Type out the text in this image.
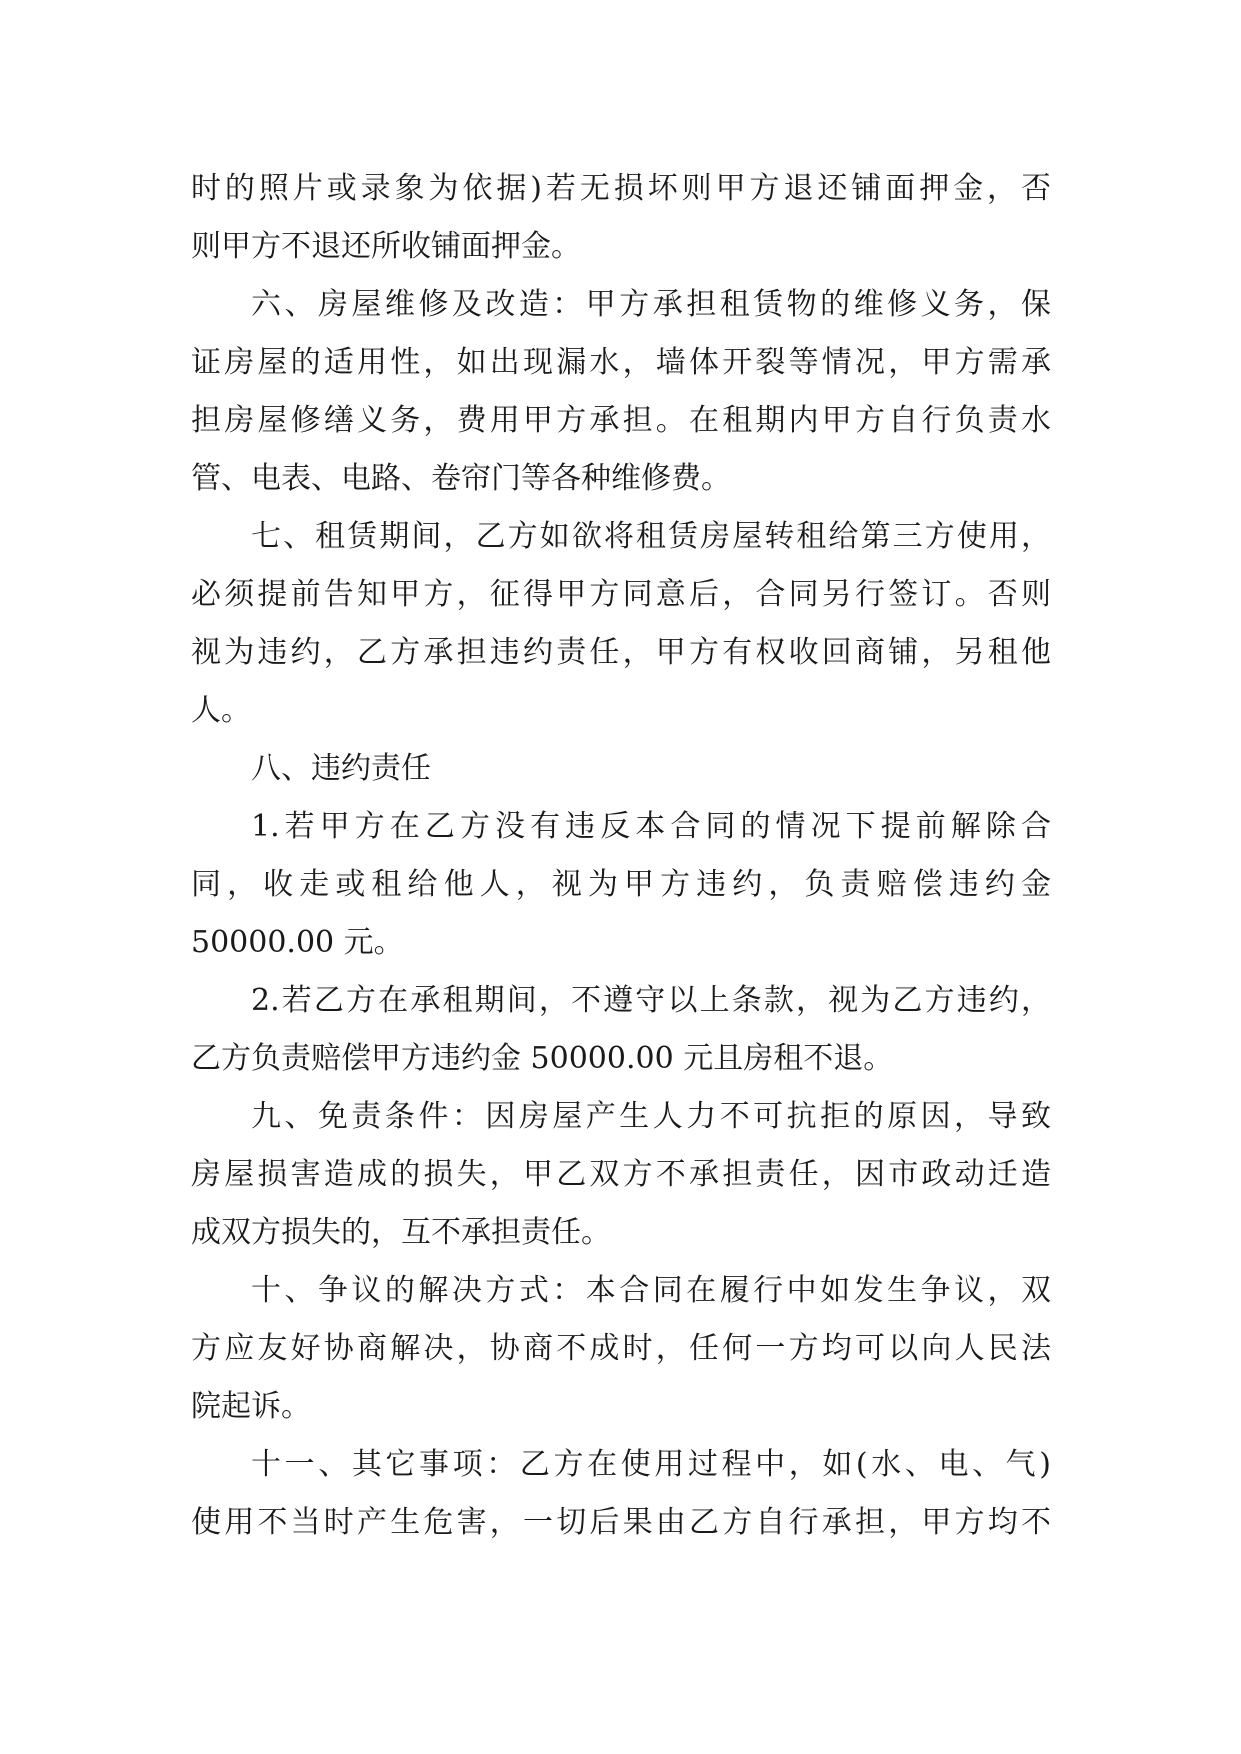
时的照片或录象为依据)若无损坏则甲方退还铺面押金，否
则甲方不退还所收铺面押金。
六、房屋维修及改造：甲方承担租赁物的维修义务，保
证房屋的适用性，如出现漏水，墙体开裂等情况，甲方需承
担房屋修缮义务，费用甲方承担。在租期内甲方自行负责水
管、电表、电路、卷帘门等各种维修费。
七、租赁期间，乙方如欲将租赁房屋转租给第三方使用，
必须提前告知甲方，征得甲方同意后，合同另行签订。否则
视为违约，乙方承担违约责任，甲方有权收回商铺，另租他
人。
八、违约责任
1.若甲方在乙方没有违反本合同的情况下提前解除合
同，收走或租给他人，视为甲方违约，负责赔偿违约金
50000.00 元。
2.若乙方在承租期间，不遵守以上条款，视为乙方违约，
乙方负责赔偿甲方违约金 50000.00 元且房租不退。
九、免责条件：因房屋产生人力不可抗拒的原因，导致
房屋损害造成的损失，甲乙双方不承担责任，因市政动迁造
成双方损失的，互不承担责任。
十、争议的解决方式：本合同在履行中如发生争议，双
方应友好协商解决，协商不成时，任何一方均可以向人民法
院起诉。
十一、其它事项：乙方在使用过程中，如(水、电、气)
使用不当时产生危害，一切后果由乙方自行承担，甲方均不
